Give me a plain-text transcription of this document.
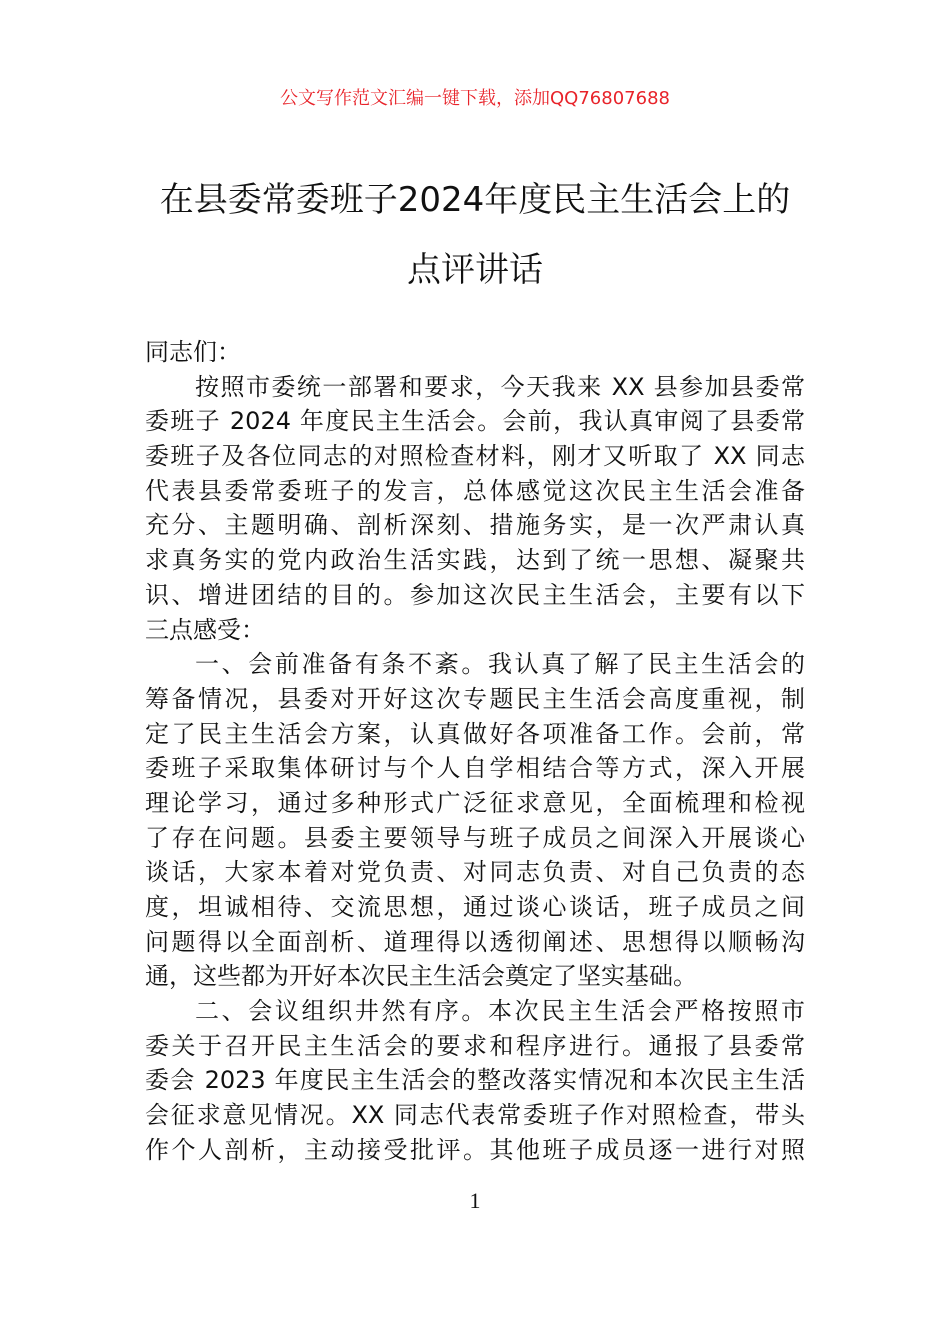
公文写作范文汇编一键下载，添加QQ76807688
在县委常委班子2024年度民主生活会上的
点评讲话
同志们：
按照市委统一部署和要求，今天我来 XX 县参加县委常
委班子 2024 年度民主生活会。会前，我认真审阅了县委常
委班子及各位同志的对照检查材料，刚才又听取了 XX 同志
代表县委常委班子的发言，总体感觉这次民主生活会准备
充分、主题明确、剖析深刻、措施务实，是一次严肃认真
求真务实的党内政治生活实践，达到了统一思想、凝聚共
识、增进团结的目的。参加这次民主生活会，主要有以下
三点感受：
一、会前准备有条不紊。我认真了解了民主生活会的
筹备情况，县委对开好这次专题民主生活会高度重视，制
定了民主生活会方案，认真做好各项准备工作。会前，常
委班子采取集体研讨与个人自学相结合等方式，深入开展
理论学习，通过多种形式广泛征求意见，全面梳理和检视
了存在问题。县委主要领导与班子成员之间深入开展谈心
谈话，大家本着对党负责、对同志负责、对自己负责的态
度，坦诚相待、交流思想，通过谈心谈话，班子成员之间
问题得以全面剖析、道理得以透彻阐述、思想得以顺畅沟
通，这些都为开好本次民主生活会奠定了坚实基础。
二、会议组织井然有序。本次民主生活会严格按照市
委关于召开民主生活会的要求和程序进行。通报了县委常
委会 2023 年度民主生活会的整改落实情况和本次民主生活
会征求意见情况。XX 同志代表常委班子作对照检查，带头
作个人剖析，主动接受批评。其他班子成员逐一进行对照
1
